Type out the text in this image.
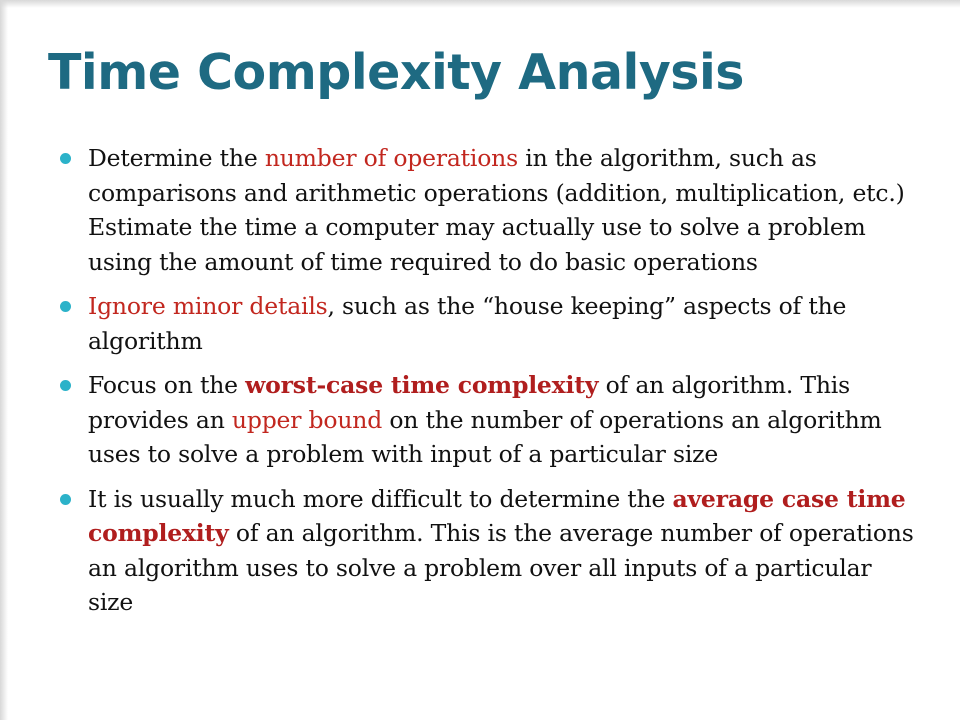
Time Complexity Analysis
Determine the number of operations in the algorithm, such as comparisons and arithmetic operations (addition, multiplication, etc.) Estimate the time a computer may actually use to solve a problem using the amount of time required to do basic operations
Ignore minor details, such as the “house keeping” aspects of the algorithm
Focus on the worst-case time complexity of an algorithm. This provides an upper bound on the number of operations an algorithm uses to solve a problem with input of a particular size
It is usually much more difficult to determine the average case time complexity of an algorithm. This is the average number of operations an algorithm uses to solve a problem over all inputs of a particular size
